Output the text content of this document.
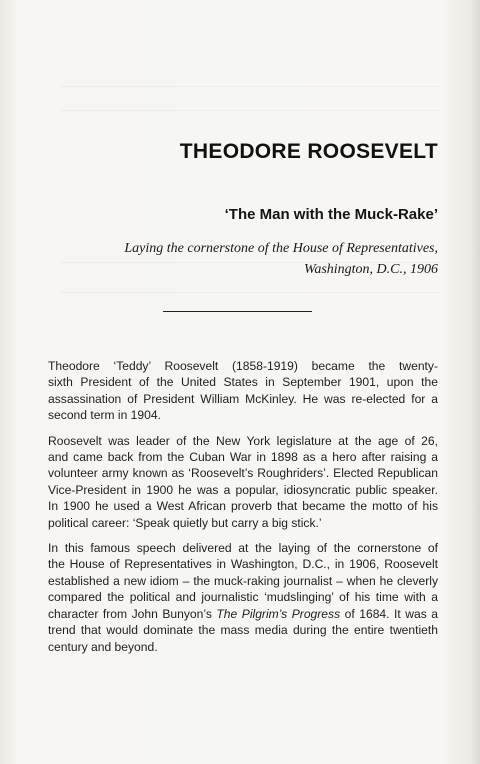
THEODORE ROOSEVELT
‘The Man with the Muck-Rake’
Laying the cornerstone of the House of Representatives,
Washington, D.C., 1906

Theodore ‘Teddy’ Roosevelt (1858-1919) became the twenty-
sixth President of the United States in September 1901, upon the
assassination of President William McKinley. He was re-elected for a
second term in 1904.

Roosevelt was leader of the New York legislature at the age of 26,
and came back from the Cuban War in 1898 as a hero after raising a
volunteer army known as ‘Roosevelt’s Roughriders’. Elected Republican
Vice-President in 1900 he was a popular, idiosyncratic public speaker.
In 1900 he used a West African proverb that became the motto of his
political career: ‘Speak quietly but carry a big stick.’

In this famous speech delivered at the laying of the cornerstone of
the House of Representatives in Washington, D.C., in 1906, Roosevelt
established a new idiom – the muck-raking journalist – when he cleverly
compared the political and journalistic ‘mudslinging’ of his time with a
character from John Bunyon’s The Pilgrim’s Progress of 1684. It was a
trend that would dominate the mass media during the entire twentieth
century and beyond.
